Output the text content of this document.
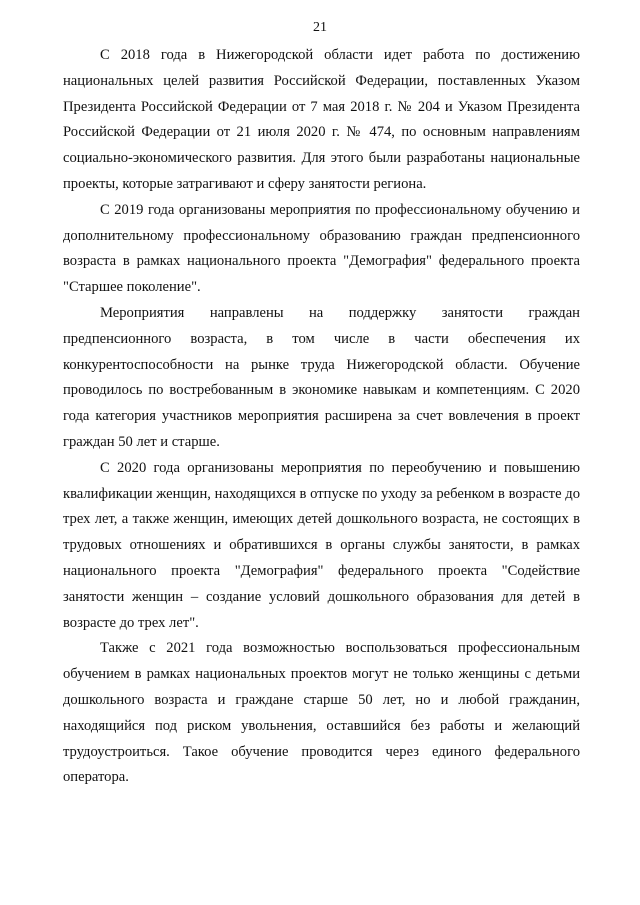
21

С 2018 года в Нижегородской области идет работа по достижению национальных целей развития Российской Федерации, поставленных Указом Президента Российской Федерации от 7 мая 2018 г. № 204 и Указом Президента Российской Федерации от 21 июля 2020 г. № 474, по основным направлениям социально-экономического развития. Для этого были разработаны национальные проекты, которые затрагивают и сферу занятости региона.

С 2019 года организованы мероприятия по профессиональному обучению и дополнительному профессиональному образованию граждан предпенсионного возраста в рамках национального проекта "Демография" федерального проекта "Старшее поколение".

Мероприятия направлены на поддержку занятости граждан предпенсионного возраста, в том числе в части обеспечения их конкурентоспособности на рынке труда Нижегородской области. Обучение проводилось по востребованным в экономике навыкам и компетенциям. С 2020 года категория участников мероприятия расширена за счет вовлечения в проект граждан 50 лет и старше.

С 2020 года организованы мероприятия по переобучению и повышению квалификации женщин, находящихся в отпуске по уходу за ребенком в возрасте до трех лет, а также женщин, имеющих детей дошкольного возраста, не состоящих в трудовых отношениях и обратившихся в органы службы занятости, в рамках национального проекта "Демография" федерального проекта "Содействие занятости женщин – создание условий дошкольного образования для детей в возрасте до трех лет".

Также с 2021 года возможностью воспользоваться профессиональным обучением в рамках национальных проектов могут не только женщины с детьми дошкольного возраста и граждане старше 50 лет, но и любой гражданин, находящийся под риском увольнения, оставшийся без работы и желающий трудоустроиться. Такое обучение проводится через единого федерального оператора.
